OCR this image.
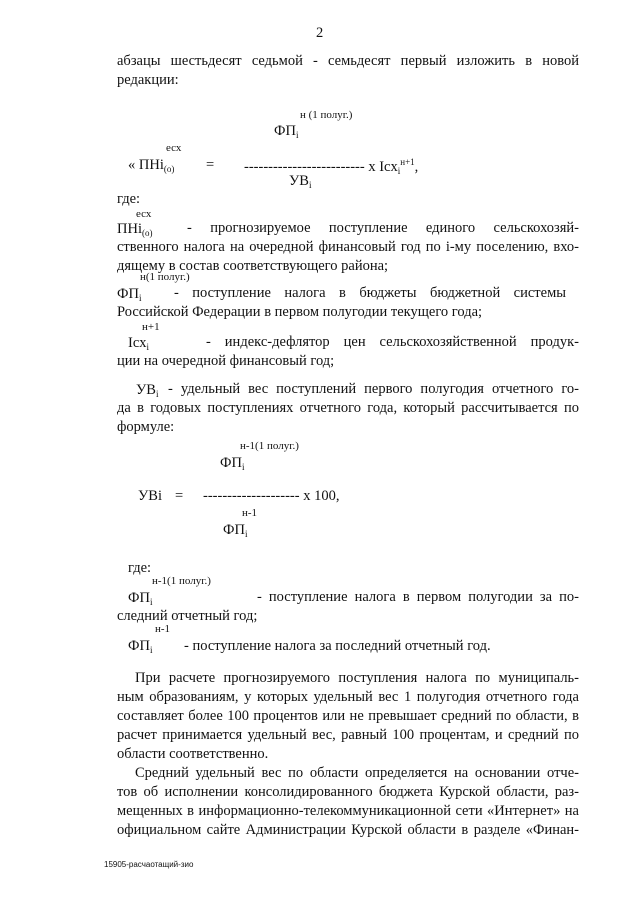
2
абзацы шестьдесят седьмой - семьдесят первый изложить в новой
редакции:
н (1 полуг.)
$ФП_i$
есх
« ПНi$_{(о)}$ = ------------------------- х Icx$_i^{н+1}$,
$УВ_i$
где:
есх
ПНi$_{(о)}$ - прогнозируемое поступление единого сельскохозяй-
ственного налога на очередной финансовый год по i-му поселению, вхо-
дящему в состав соответствующего района;
н(1 полуг.)
$ФП_i$ - поступление налога в бюджеты бюджетной системы
Российской Федерации в первом полугодии текущего года;
н+1
Icx$_i$	- индекс-дефлятор цен сельскохозяйственной продук-
ции на очередной финансовый год;
$УВ_i$ - удельный вес поступлений первого полугодия отчетного го-
да в годовых поступлениях отчетного года, который рассчитывается по
формуле:
н-1(1 полуг.)
$ФП_i$
УВi = -------------------- х 100,
н-1
$ФП_i$
где:
н-1(1 полуг.)
$ФП_i$	- поступление налога в первом полугодии за по-
следний отчетный год;
н-1
$ФП_i$ - поступление налога за последний отчетный год.
При расчете прогнозируемого поступления налога по муниципаль-
ным образованиям, у которых удельный вес 1 полугодия отчетного года
составляет более 100 процентов или не превышает средний по области, в
расчет принимается удельный вес, равный 100 процентам, и средний по
области соответственно.
Средний удельный вес по области определяется на основании отче-
тов об исполнении консолидированного бюджета Курской области, раз-
мещенных в информационно-телекоммуникационной сети «Интернет» на
официальном сайте Администрации Курской области в разделе «Финан-
15905-расчаотащий-зио
